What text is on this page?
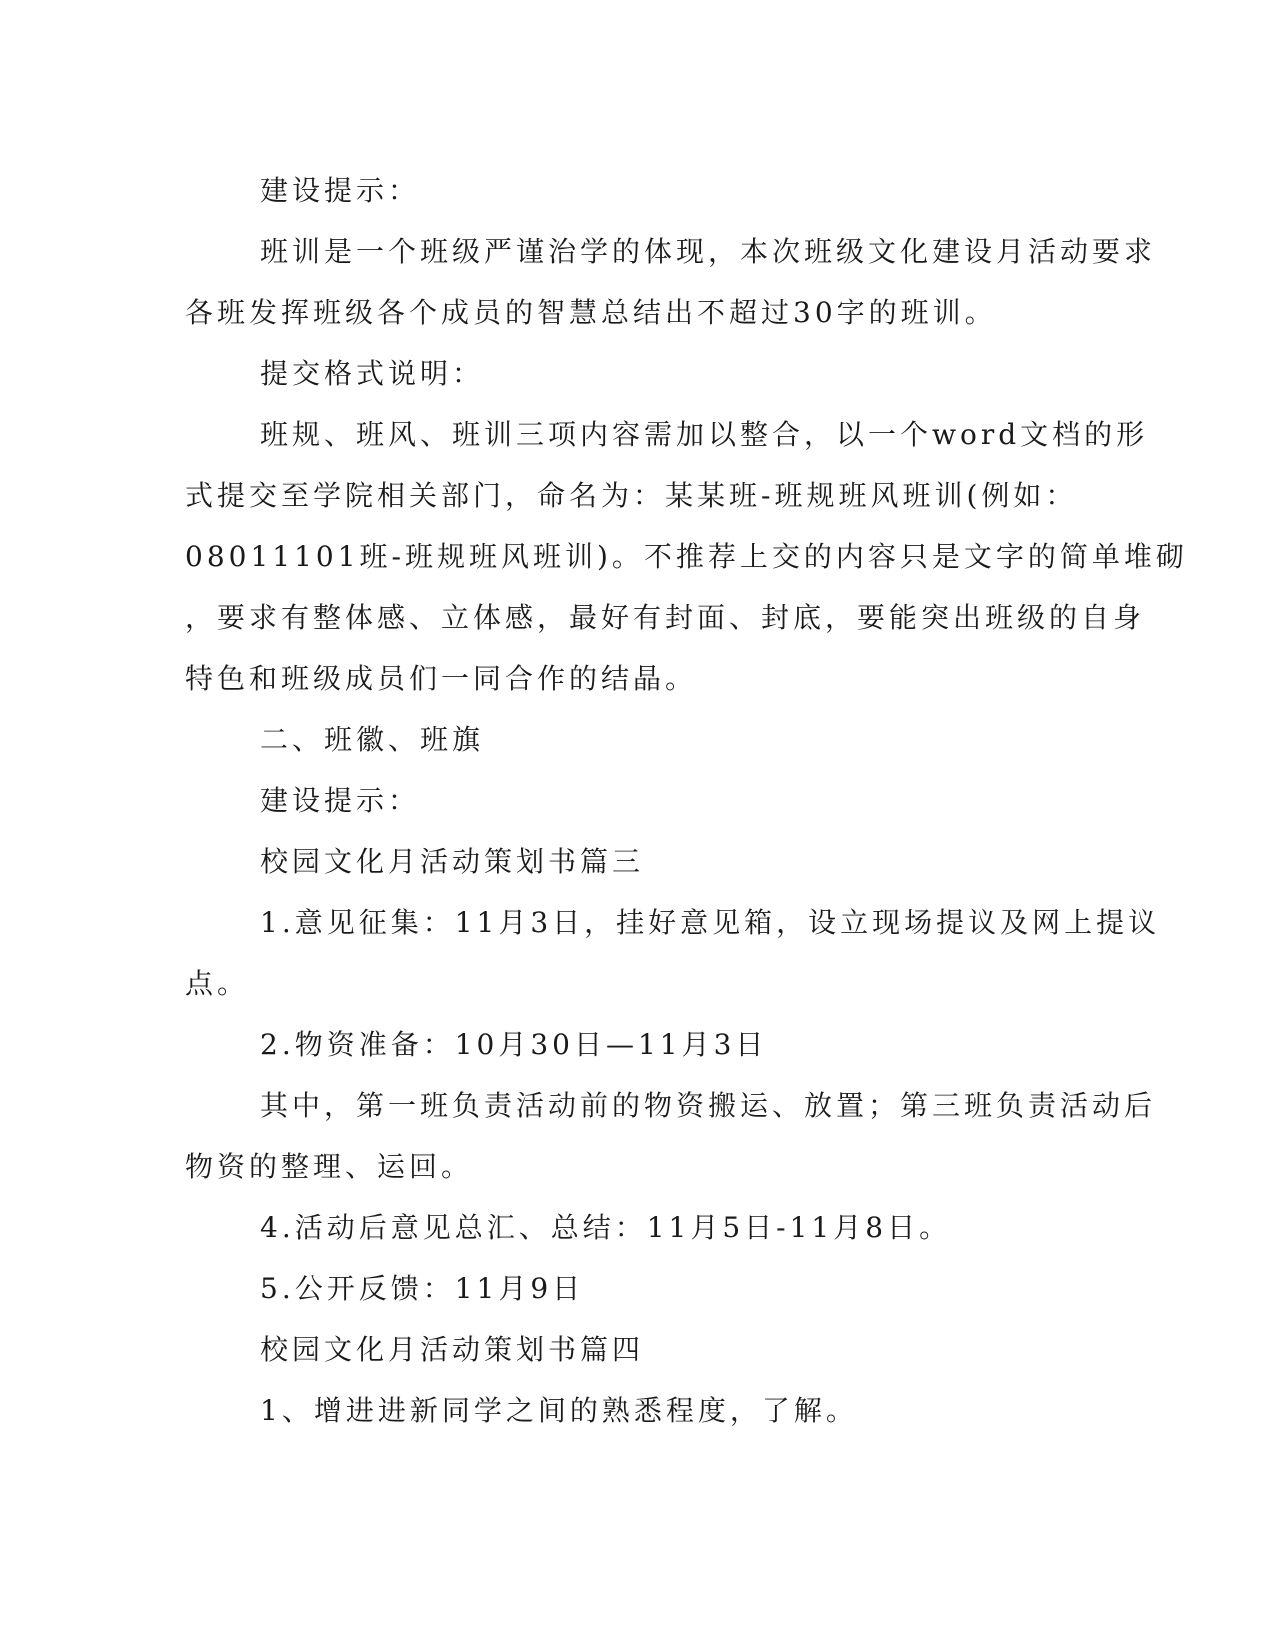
建设提示：
班训是一个班级严谨治学的体现，本次班级文化建设月活动要求
各班发挥班级各个成员的智慧总结出不超过30字的班训。
提交格式说明：
班规、班风、班训三项内容需加以整合，以一个word文档的形
式提交至学院相关部门，命名为：某某班-班规班风班训(例如：
08011101班-班规班风班训)。不推荐上交的内容只是文字的简单堆砌
，要求有整体感、立体感，最好有封面、封底，要能突出班级的自身
特色和班级成员们一同合作的结晶。
二、班徽、班旗
建设提示：
校园文化月活动策划书篇三
1.意见征集：11月3日，挂好意见箱，设立现场提议及网上提议
点。
2.物资准备：10月30日—11月3日
其中，第一班负责活动前的物资搬运、放置；第三班负责活动后
物资的整理、运回。
4.活动后意见总汇、总结：11月5日-11月8日。
5.公开反馈：11月9日
校园文化月活动策划书篇四
1、增进进新同学之间的熟悉程度，了解。
